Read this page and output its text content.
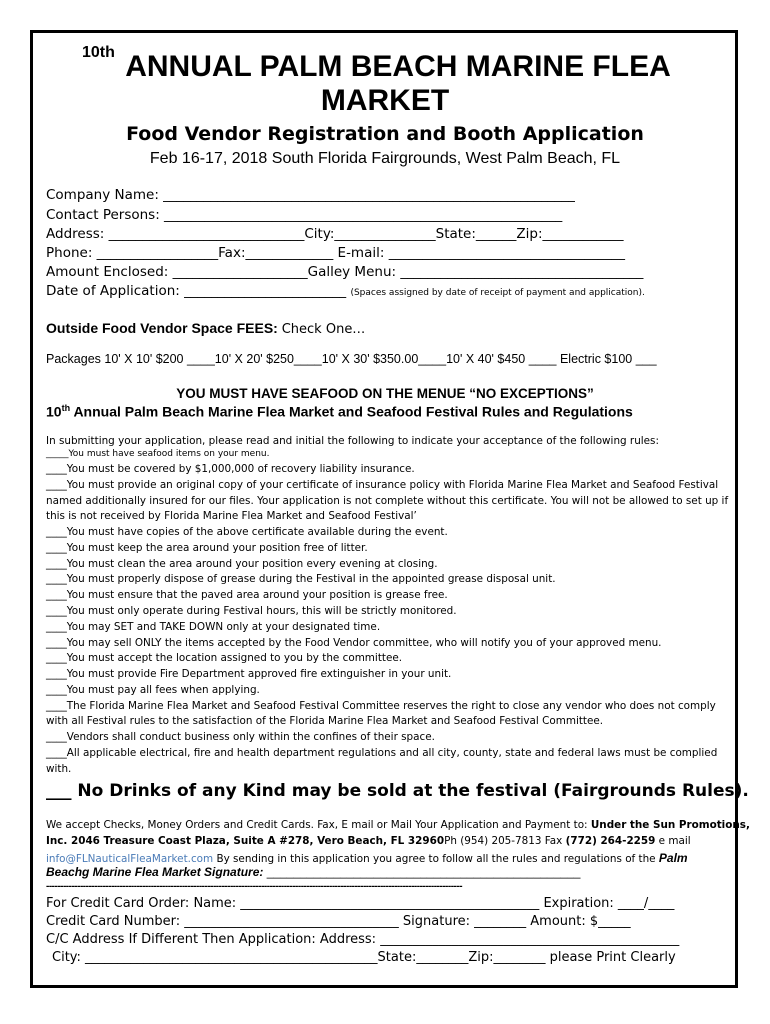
10th ANNUAL PALM BEACH MARINE FLEA
MARKET
Food Vendor Registration and Booth Application
Feb 16-17, 2018 South Florida Fairgrounds, West Palm Beach, FL
Company Name: _____________________________________________________________
Contact Persons: ___________________________________________________________
Address: _____________________________City:_______________State:______Zip:____________
Phone: __________________Fax:_____________ E-mail: ___________________________________
Amount Enclosed: ____________________Galley Menu: ____________________________________
Date of Application: ________________________ (Spaces assigned by date of receipt of payment and application).
Outside Food Vendor Space FEES: Check One…
Packages 10' X 10' $200 ____10' X 20' $250____10' X 30' $350.00____10' X 40' $450 ____ Electric $100 ___
YOU MUST HAVE SEAFOOD ON THE MENUE “NO EXCEPTIONS”
10th Annual Palm Beach Marine Flea Market and Seafood Festival Rules and Regulations
In submitting your application, please read and initial the following to indicate your acceptance of the following rules:
_____You must have seafood items on your menu.
____You must be covered by $1,000,000 of recovery liability insurance.
____You must provide an original copy of your certificate of insurance policy with Florida Marine Flea Market and Seafood Festival
named additionally insured for our files. Your application is not complete without this certificate. You will not be allowed to set up if
this is not received by Florida Marine Flea Market and Seafood Festival’
____You must have copies of the above certificate available during the event.
____You must keep the area around your position free of litter.
____You must clean the area around your position every evening at closing.
____You must properly dispose of grease during the Festival in the appointed grease disposal unit.
____You must ensure that the paved area around your position is grease free.
____You must only operate during Festival hours, this will be strictly monitored.
____You may SET and TAKE DOWN only at your designated time.
____You may sell ONLY the items accepted by the Food Vendor committee, who will notify you of your approved menu.
____You must accept the location assigned to you by the committee.
____You must provide Fire Department approved fire extinguisher in your unit.
____You must pay all fees when applying.
____The Florida Marine Flea Market and Seafood Festival Committee reserves the right to close any vendor who does not comply
with all Festival rules to the satisfaction of the Florida Marine Flea Market and Seafood Festival Committee.
____Vendors shall conduct business only within the confines of their space.
____All applicable electrical, fire and health department regulations and all city, county, state and federal laws must be complied
with.
___ No Drinks of any Kind may be sold at the festival (Fairgrounds Rules).
We accept Checks, Money Orders and Credit Cards. Fax, E mail or Mail Your Application and Payment to: Under the Sun Promotions,
Inc. 2046 Treasure Coast Plaza, Suite A #278, Vero Beach, FL 32960Ph (954) 205-7813 Fax (772) 264-2259 e mail
info@FLNauticalFleaMarket.com By sending in this application you agree to follow all the rules and regulations of the Palm
Beachg Marine Flea Market Signature: _______________________________________________
---------------------------------------------------------------------------------------------------------------------------------------------------
For Credit Card Order: Name: ______________________________________________ Expiration: ____/____
Credit Card Number: _________________________________ Signature: ________ Amount: $_____
C/C Address If Different Then Application: Address: ______________________________________________
City: _____________________________________________State:________Zip:________ please Print Clearly
